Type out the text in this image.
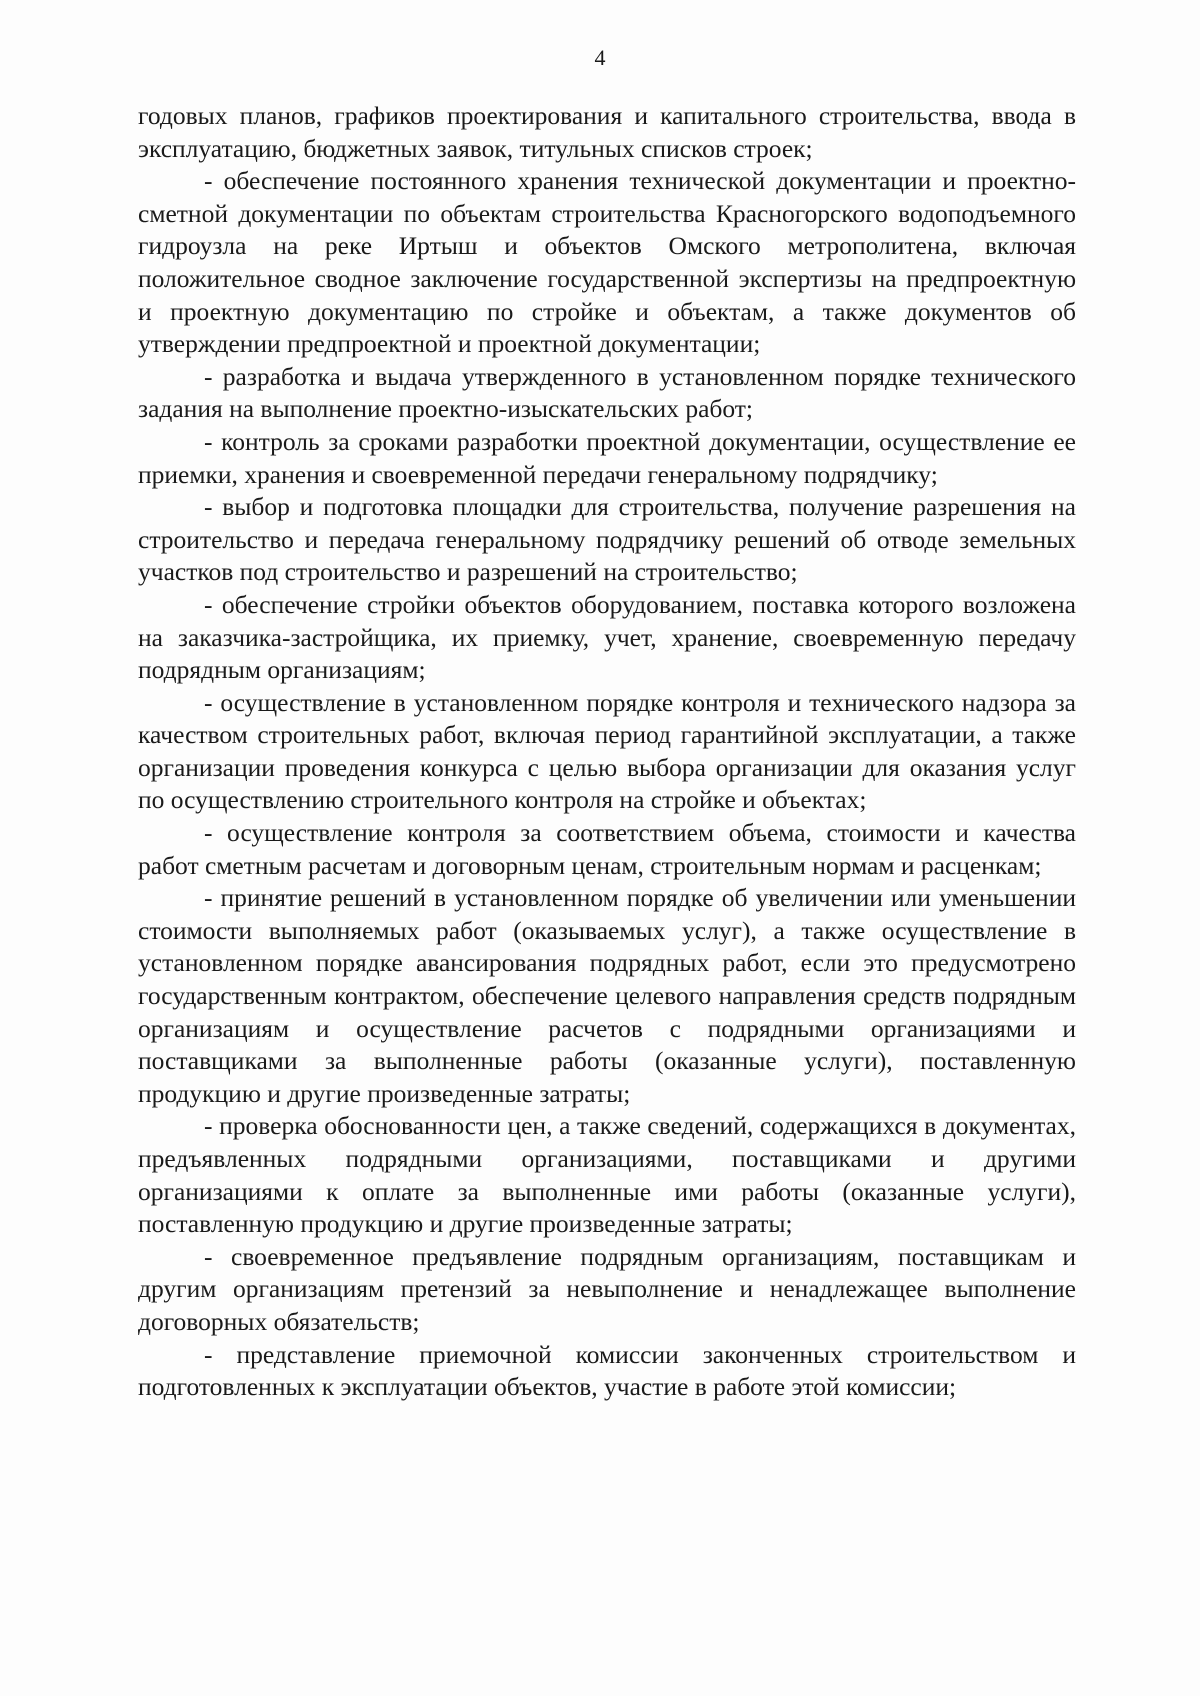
4

годовых планов, графиков проектирования и капитального строительства, ввода в эксплуатацию, бюджетных заявок, титульных списков строек;

- обеспечение постоянного хранения технической документации и проектно-сметной документации по объектам строительства Красногорского водоподъемного гидроузла на реке Иртыш и объектов Омского метрополитена, включая положительное сводное заключение государственной экспертизы на предпроектную и проектную документацию по стройке и объектам, а также документов об утверждении предпроектной и проектной документации;

- разработка и выдача утвержденного в установленном порядке технического задания на выполнение проектно-изыскательских работ;

- контроль за сроками разработки проектной документации, осуществление ее приемки, хранения и своевременной передачи генеральному подрядчику;

- выбор и подготовка площадки для строительства, получение разрешения на строительство и передача генеральному подрядчику решений об отводе земельных участков под строительство и разрешений на строительство;

- обеспечение стройки объектов оборудованием, поставка которого возложена на заказчика-застройщика, их приемку, учет, хранение, своевременную передачу подрядным организациям;

- осуществление в установленном порядке контроля и технического надзора за качеством строительных работ, включая период гарантийной эксплуатации, а также организации проведения конкурса с целью выбора организации для оказания услуг по осуществлению строительного контроля на стройке и объектах;

- осуществление контроля за соответствием объема, стоимости и качества работ сметным расчетам и договорным ценам, строительным нормам и расценкам;

- принятие решений в установленном порядке об увеличении или уменьшении стоимости выполняемых работ (оказываемых услуг), а также осуществление в установленном порядке авансирования подрядных работ, если это предусмотрено государственным контрактом, обеспечение целевого направления средств подрядным организациям и осуществление расчетов с подрядными организациями и поставщиками за выполненные работы (оказанные услуги), поставленную продукцию и другие произведенные затраты;

- проверка обоснованности цен, а также сведений, содержащихся в документах, предъявленных подрядными организациями, поставщиками и другими организациями к оплате за выполненные ими работы (оказанные услуги), поставленную продукцию и другие произведенные затраты;

- своевременное предъявление подрядным организациям, поставщикам и другим организациям претензий за невыполнение и ненадлежащее выполнение договорных обязательств;

- представление приемочной комиссии законченных строительством и подготовленных к эксплуатации объектов, участие в работе этой комиссии;
